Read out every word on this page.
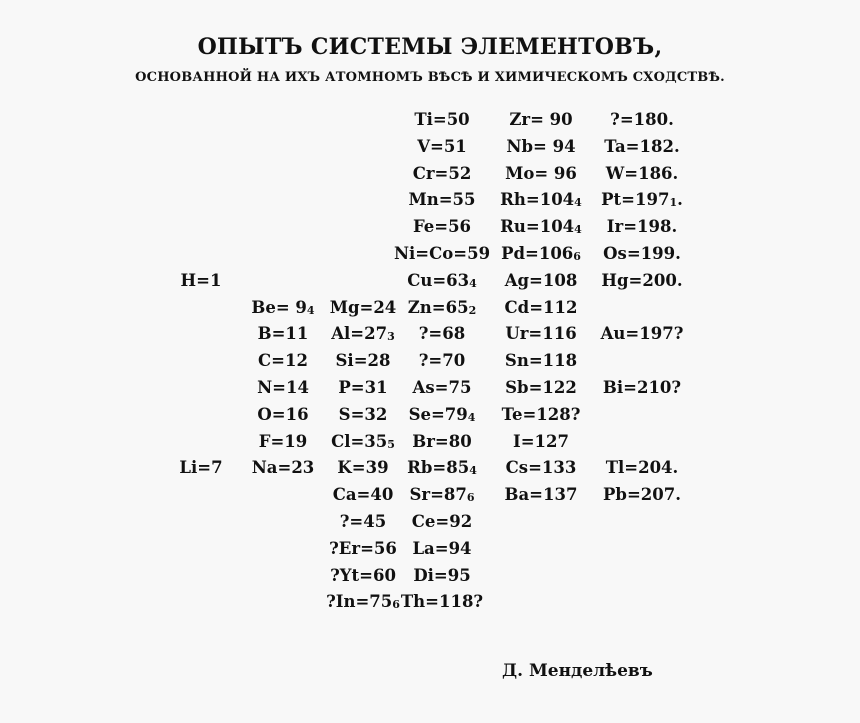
ОПЫТЪ СИСТЕМЫ ЭЛЕМЕНТОВЪ,
ОСНОВАННОЙ НА ИХЪ АТОМНОМЪ ВѢСѢ И ХИМИЧЕСКОМЪ СХОДСТВѢ.
Ti=50 Zr= 90 ?=180.
V=51 Nb= 94 Ta=182.
Cr=52 Mo= 96 W=186.
Mn=55 $Rh=104_4$ $Pt=197_1$.
Fe=56 $Ru=104_4$ Ir=198.
Ni=Co=59 $Pd=106_6$ Os=199.
H=1	$Cu=63_4$ Ag=108 Hg=200.
$Be= 9_4$ Mg=24 $Zn=65_2$ Cd=112
B=11 $Al=27_3$ ?=68 Ur=116 Au=197?
C=12 Si=28 ?=70 Sn=118
N=14 P=31 As=75 Sb=122 Bi=210?
O=16 S=32 $Se=79_4$ Te=128?
F=19 $Cl=35_5$ Br=80	I=127
Li=7 Na=23 K=39 $Rb=85_4$ Cs=133 Tl=204.
Ca=40 $Sr=87_6$ Ba=137 Pb=207.
?=45 Ce=92
?Er=56 La=94
?Yt=60 Di=95
$?In=75_6$ Th=118?
Д. Менделѣевъ
